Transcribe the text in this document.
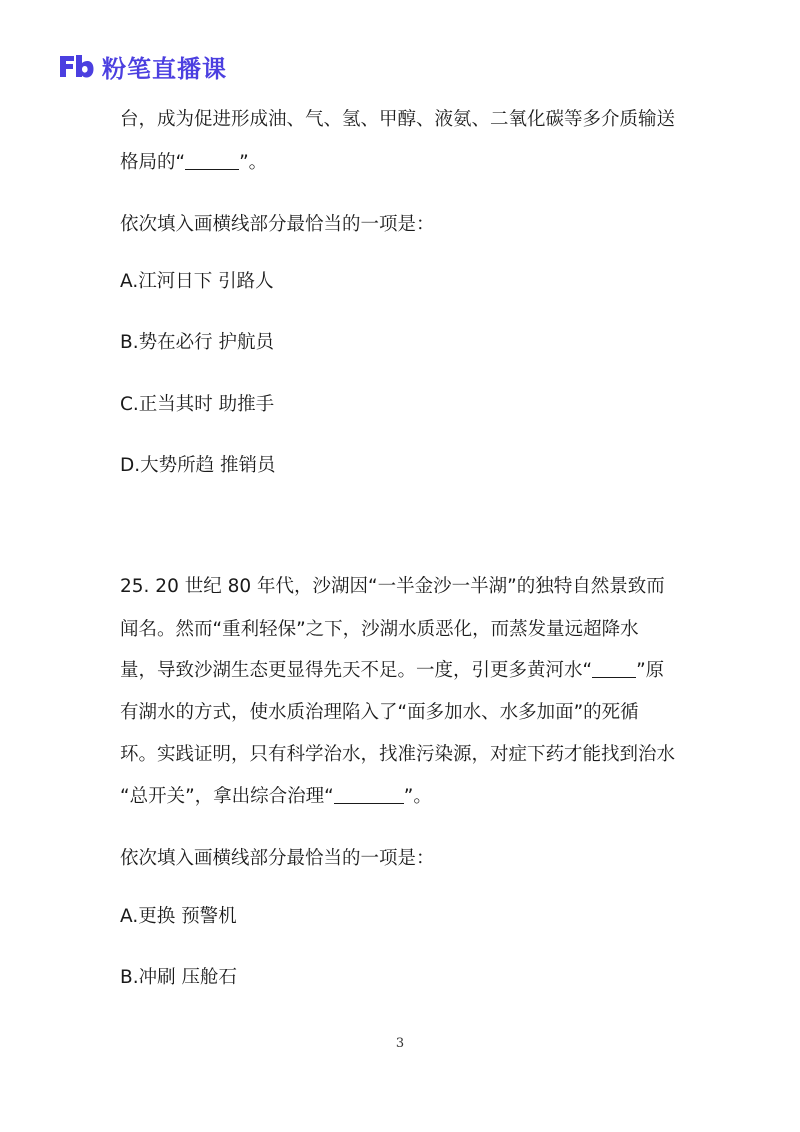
粉笔直播课
台，成为促进形成油、气、氢、甲醇、液氨、二氧化碳等多介质输送
格局的“	”。
依次填入画横线部分最恰当的一项是：
A.江河日下 引路人
B.势在必行 护航员
C.正当其时 助推手
D.大势所趋 推销员
25. 20 世纪 80 年代，沙湖因“一半金沙一半湖”的独特自然景致而
闻名。然而“重利轻保”之下，沙湖水质恶化，而蒸发量远超降水
量，导致沙湖生态更显得先天不足。一度，引更多黄河水“ ”原
有湖水的方式，使水质治理陷入了“面多加水、水多加面”的死循
环。实践证明，只有科学治水，找准污染源，对症下药才能找到治水
“总开关”，拿出综合治理“	”。
依次填入画横线部分最恰当的一项是：
A.更换 预警机
B.冲刷 压舱石
3
